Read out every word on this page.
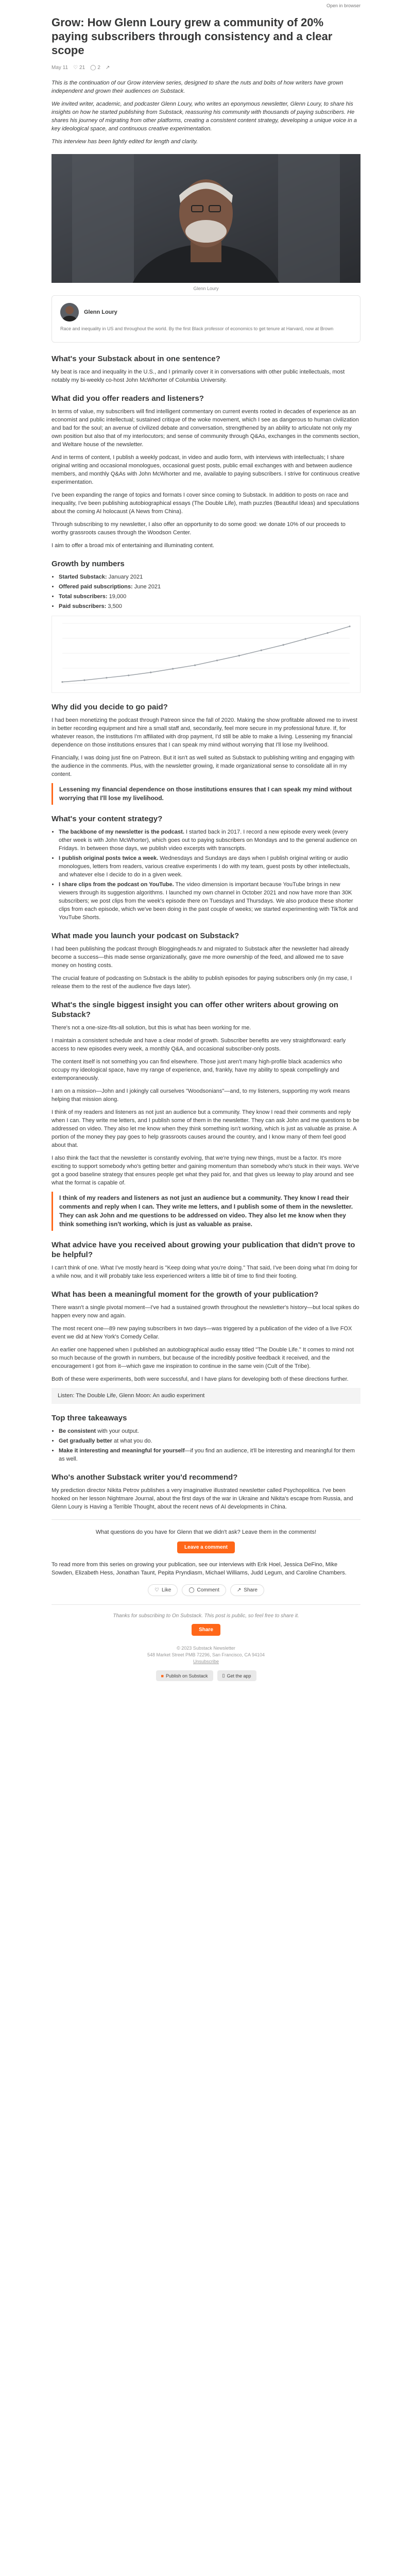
Open in browser
Grow: How Glenn Loury grew a community of 20% paying subscribers through consistency and a clear scope
May 11 ♡ 21 ◯ 2 ↗

This is the continuation of our Grow interview series, designed to share the nuts and bolts of how writers have grown independent and grown their audiences on Substack.

We invited writer, academic, and podcaster Glenn Loury, who writes an eponymous newsletter, Glenn Loury, to share his insights on how he started publishing from Substack, reassuring his community with thousands of paying subscribers. He shares his journey of migrating from other platforms, creating a consistent content strategy, developing a unique voice in a key ideological space, and continuous creative experimentation.

This interview has been lightly edited for length and clarity.

Glenn Loury
Glenn Loury
Race and inequality in US and throughout the world. By the first Black professor of economics to get tenure at Harvard, now at Brown
What's your Substack about in one sentence?

My beat is race and inequality in the U.S., and I primarily cover it in conversations with other public intellectuals, most notably my bi-weekly co-host John McWhorter of Columbia University.

What did you offer readers and listeners?

In terms of value, my subscribers will find intelligent commentary on current events rooted in decades of experience as an economist and public intellectual; sustained critique of the woke movement, which I see as dangerous to human civilization and bad for the soul; an avenue of civilized debate and conversation, strengthened by an ability to articulate not only my own position but also that of my interlocutors; and sense of community through Q&As, exchanges in the comments section, and Weltare house of the newsletter.

And in terms of content, I publish a weekly podcast, in video and audio form, with interviews with intellectuals; I share original writing and occasional monologues, occasional guest posts, public email exchanges with and between audience members, and monthly Q&As with John McWhorter and me, available to paying subscribers. I strive for continuous creative experimentation.

I've been expanding the range of topics and formats I cover since coming to Substack. In addition to posts on race and inequality, I've been publishing autobiographical essays (The Double Life), math puzzles (Beautiful Ideas) and speculations about the coming AI holocaust (A News from China).

Through subscribing to my newsletter, I also offer an opportunity to do some good: we donate 10% of our proceeds to worthy grassroots causes through the Woodson Center.

I aim to offer a broad mix of entertaining and illuminating content.

Growth by numbers
• Started Substack: January 2021
• Offered paid subscriptions: June 2021
• Total subscribers: 19,000
• Paid subscribers: 3,500
Why did you decide to go paid?

I had been monetizing the podcast through Patreon since the fall of 2020. Making the show profitable allowed me to invest in better recording equipment and hire a small staff and, secondarily, feel more secure in my professional future. If, for whatever reason, the institutions I'm affiliated with drop payment, I'd still be able to make a living. Lessening my financial dependence on those institutions ensures that I can speak my mind without worrying that I'll lose my livelihood.

Financially, I was doing just fine on Patreon. But it isn't as well suited as Substack to publishing writing and engaging with the audience in the comments. Plus, with the newsletter growing, it made organizational sense to consolidate all in my content.

Lessening my financial dependence on those institutions ensures that I can speak my mind without worrying that I'll lose my livelihood.

What's your content strategy?
• The backbone of my newsletter is the podcast. I started back in 2017. I record a new episode every week (every other week is with John McWhorter), which goes out to paying subscribers on Mondays and to the general audience on Fridays. In between those days, we publish video excerpts with transcripts.
• I publish original posts twice a week. Wednesdays and Sundays are days when I publish original writing or audio monologues, letters from readers, various creative experiments I do with my team, guest posts by other intellectuals, and whatever else I decide to do in a given week.
• I share clips from the podcast on YouTube. The video dimension is important because YouTube brings in new viewers through its suggestion algorithms. I launched my own channel in October 2021 and now have more than 30K subscribers; we post clips from the week's episode there on Tuesdays and Thursdays. We also produce these shorter clips from each episode, which we've been doing in the past couple of weeks; we started experimenting with TikTok and YouTube Shorts.
What made you launch your podcast on Substack?

I had been publishing the podcast through Bloggingheads.tv and migrated to Substack after the newsletter had already become a success—this made sense organizationally, gave me more ownership of the feed, and allowed me to save money on hosting costs.

The crucial feature of podcasting on Substack is the ability to publish episodes for paying subscribers only (in my case, I release them to the rest of the audience five days later).

What's the single biggest insight you can offer other writers about growing on Substack?

There's not a one-size-fits-all solution, but this is what has been working for me.

I maintain a consistent schedule and have a clear model of growth. Subscriber benefits are very straightforward: early access to new episodes every week, a monthly Q&A, and occasional subscriber-only posts.

The content itself is not something you can find elsewhere. Those just aren't many high-profile black academics who occupy my ideological space, have my range of experience, and, frankly, have my ability to speak compellingly and extemporaneously.

I am on a mission—John and I jokingly call ourselves "Woodsonians"—and, to my listeners, supporting my work means helping that mission along.

I think of my readers and listeners as not just an audience but a community. They know I read their comments and reply when I can. They write me letters, and I publish some of them in the newsletter. They can ask John and me questions to be addressed on video. They also let me know when they think something isn't working, which is just as valuable as praise. A portion of the money they pay goes to help grassroots causes around the country, and I know many of them feel good about that.

I also think the fact that the newsletter is constantly evolving, that we're trying new things, must be a factor. It's more exciting to support somebody who's getting better and gaining momentum than somebody who's stuck in their ways. We've got a good baseline strategy that ensures people get what they paid for, and that gives us leeway to play around and see what the format is capable of.

I think of my readers and listeners as not just an audience but a community. They know I read their comments and reply when I can. They write me letters, and I publish some of them in the newsletter. They can ask John and me questions to be addressed on video. They also let me know when they think something isn't working, which is just as valuable as praise.

What advice have you received about growing your publication that didn't prove to be helpful?

I can't think of one. What I've mostly heard is "Keep doing what you're doing." That said, I've been doing what I'm doing for a while now, and it will probably take less experienced writers a little bit of time to find their footing.

What has been a meaningful moment for the growth of your publication?

There wasn't a single pivotal moment—I've had a sustained growth throughout the newsletter's history—but local spikes do happen every now and again.

The most recent one—89 new paying subscribers in two days—was triggered by a publication of the video of a live FOX event we did at New York's Comedy Cellar.

An earlier one happened when I published an autobiographical audio essay titled "The Double Life." It comes to mind not so much because of the growth in numbers, but because of the incredibly positive feedback it received, and the encouragement I got from it—which gave me inspiration to continue in the same vein (Cult of the Tribe).

Both of these were experiments, both were successful, and I have plans for developing both of these directions further.

Listen: The Double Life, Glenn Moon: An audio experiment
Top three takeaways
• Be consistent with your output.
• Get gradually better at what you do.
• Make it interesting and meaningful for yourself—if you find an audience, it'll be interesting and meaningful for them as well.
Who's another Substack writer you'd recommend?

My prediction director Nikita Petrov publishes a very imaginative illustrated newsletter called Psychopolitica. I've been hooked on her lesson Nightmare Journal, about the first days of the war in Ukraine and Nikita's escape from Russia, and Glenn Loury is Having a Terrible Thought, about the recent news of AI developments in China.

What questions do you have for Glenn that we didn't ask? Leave them in the comments!

Leave a comment

To read more from this series on growing your publication, see our interviews with Erik Hoel, Jessica DeFino, Mike Sowden, Elizabeth Hess, Jonathan Taunt, Pepita Pryndiasm, Michael Williams, Judd Legum, and Caroline Chambers.

♡ Like	◯ Comment	↗ Share

Thanks for subscribing to On Substack. This post is public, so feel free to share it.

Share
© 2023 Substack Newsletter
548 Market Street PMB 72296, San Francisco, CA 94104
Unsubscribe
■ Publish on Substack	▯ Get the app
